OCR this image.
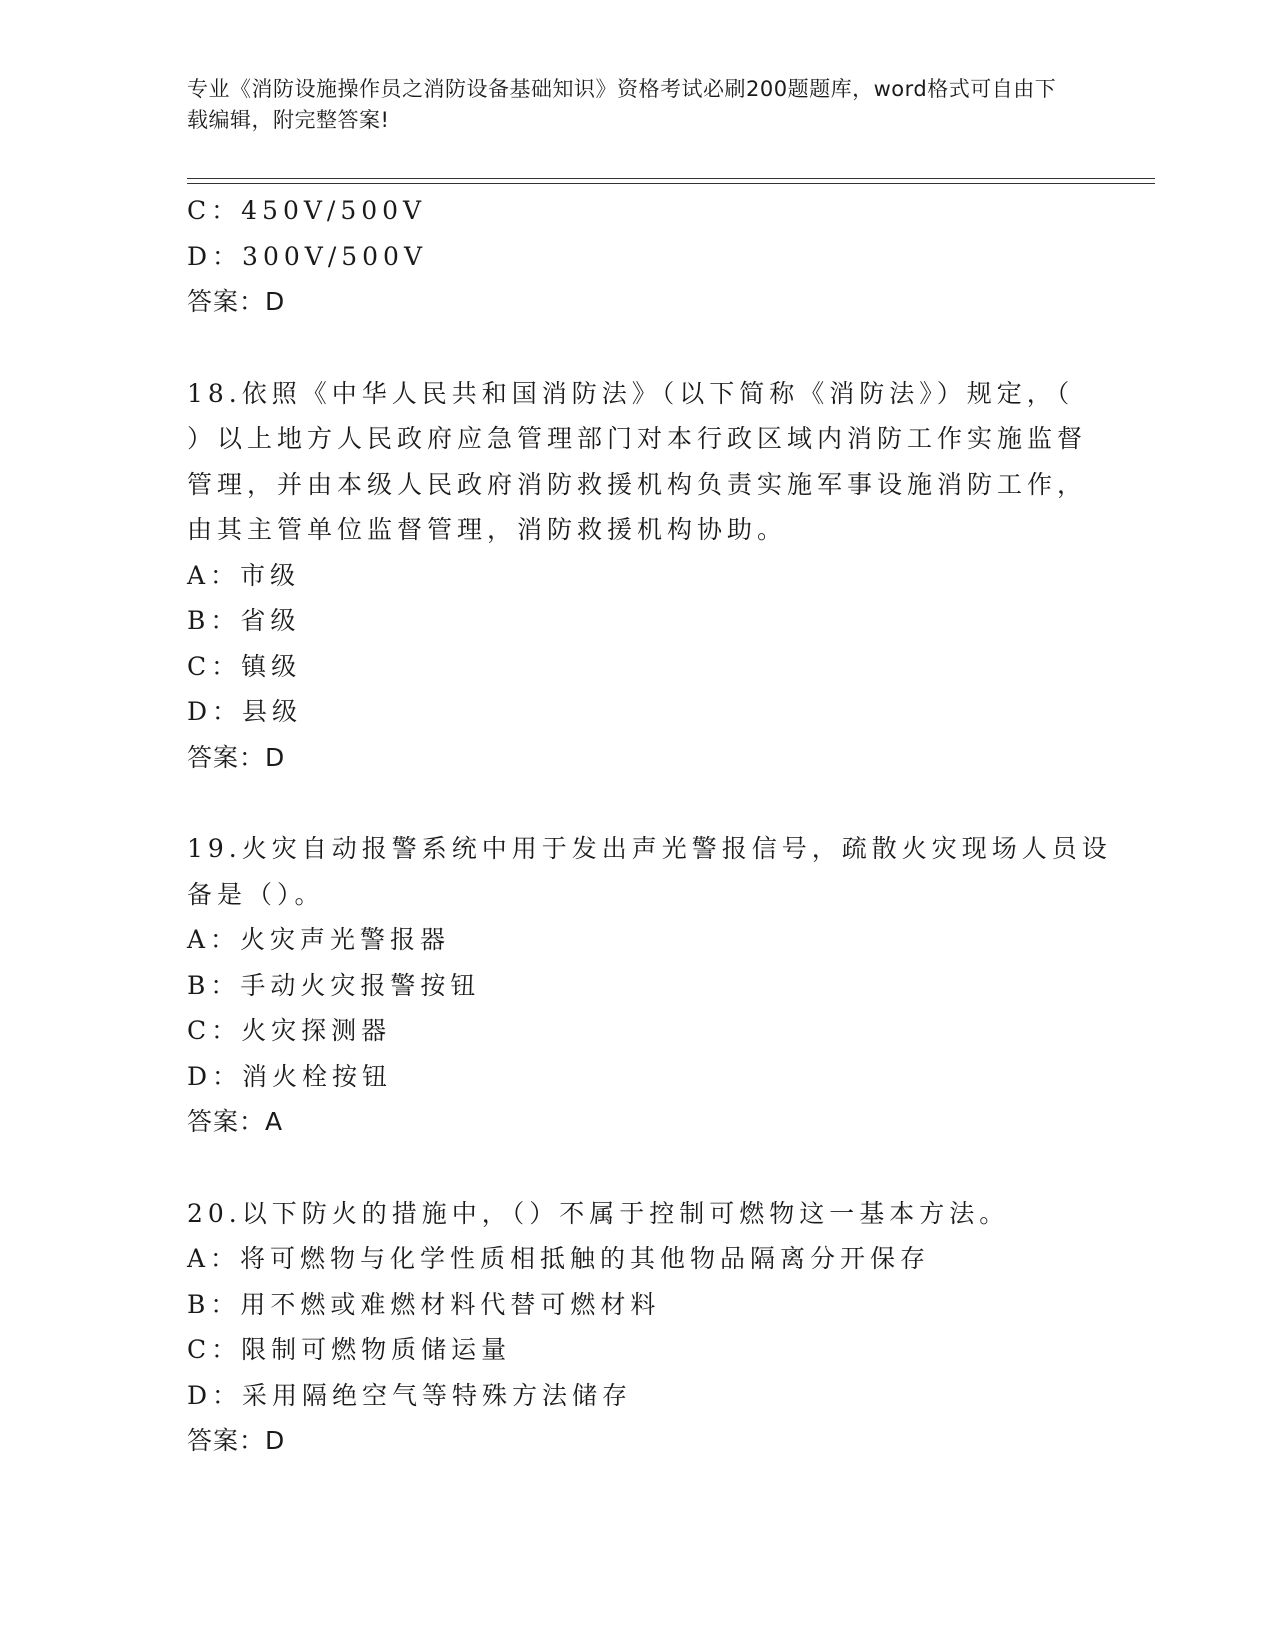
专业《消防设施操作员之消防设备基础知识》资格考试必刷200题题库，word格式可自由下载编辑，附完整答案!
C：450V/500V
D：300V/500V
答案：D
18.依照《中华人民共和国消防法》（以下简称《消防法》）规定，（
）以上地方人民政府应急管理部门对本行政区域内消防工作实施监督
管理，并由本级人民政府消防救援机构负责实施军事设施消防工作，
由其主管单位监督管理，消防救援机构协助。
A：市级
B：省级
C：镇级
D：县级
答案：D
19.火灾自动报警系统中用于发出声光警报信号，疏散火灾现场人员设
备是（）。
A：火灾声光警报器
B：手动火灾报警按钮
C：火灾探测器
D：消火栓按钮
答案：A
20.以下防火的措施中，（）不属于控制可燃物这一基本方法。
A：将可燃物与化学性质相抵触的其他物品隔离分开保存
B：用不燃或难燃材料代替可燃材料
C：限制可燃物质储运量
D：采用隔绝空气等特殊方法储存
答案：D
